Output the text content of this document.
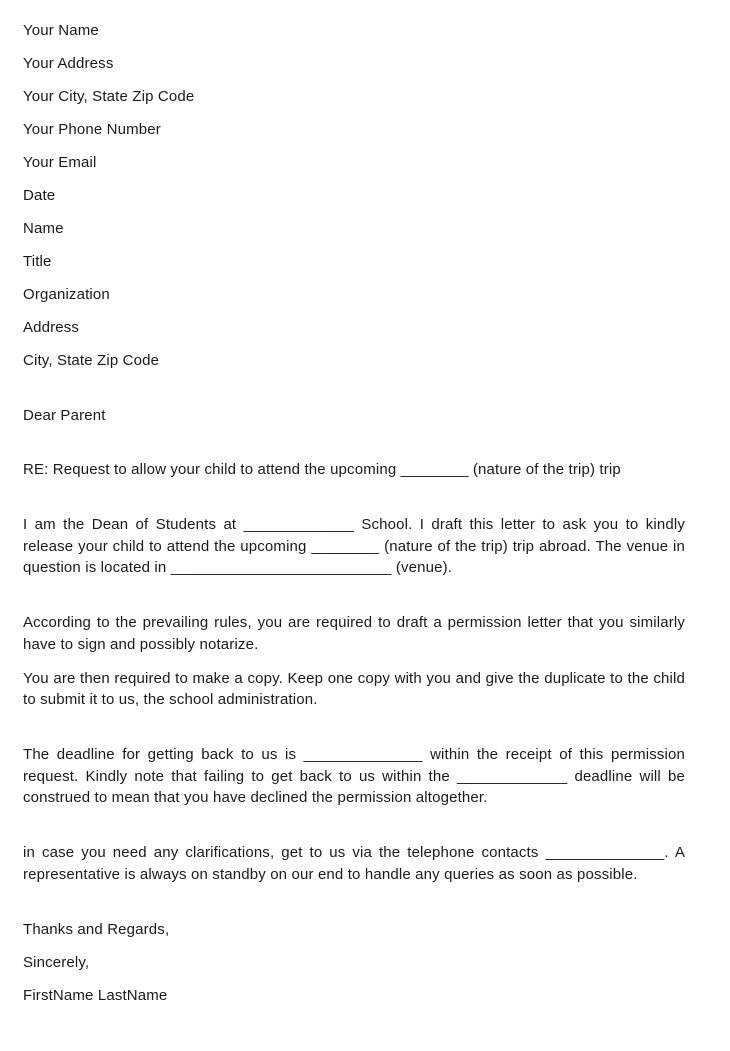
Your Name

Your Address

Your City, State Zip Code

Your Phone Number

Your Email

Date

Name

Title

Organization

Address

City, State Zip Code

Dear Parent

RE: Request to allow your child to attend the upcoming ________ (nature of the trip) trip

I am the Dean of Students at _____________ School. I draft this letter to ask you to kindly release your child to attend the upcoming ________ (nature of the trip) trip abroad. The venue in question is located in __________________________ (venue).

According to the prevailing rules, you are required to draft a permission letter that you similarly have to sign and possibly notarize.

You are then required to make a copy. Keep one copy with you and give the duplicate to the child to submit it to us, the school administration.

The deadline for getting back to us is ______________ within the receipt of this permission request. Kindly note that failing to get back to us within the _____________ deadline will be construed to mean that you have declined the permission altogether.

in case you need any clarifications, get to us via the telephone contacts ______________. A representative is always on standby on our end to handle any queries as soon as possible.

Thanks and Regards,

Sincerely,

FirstName LastName
